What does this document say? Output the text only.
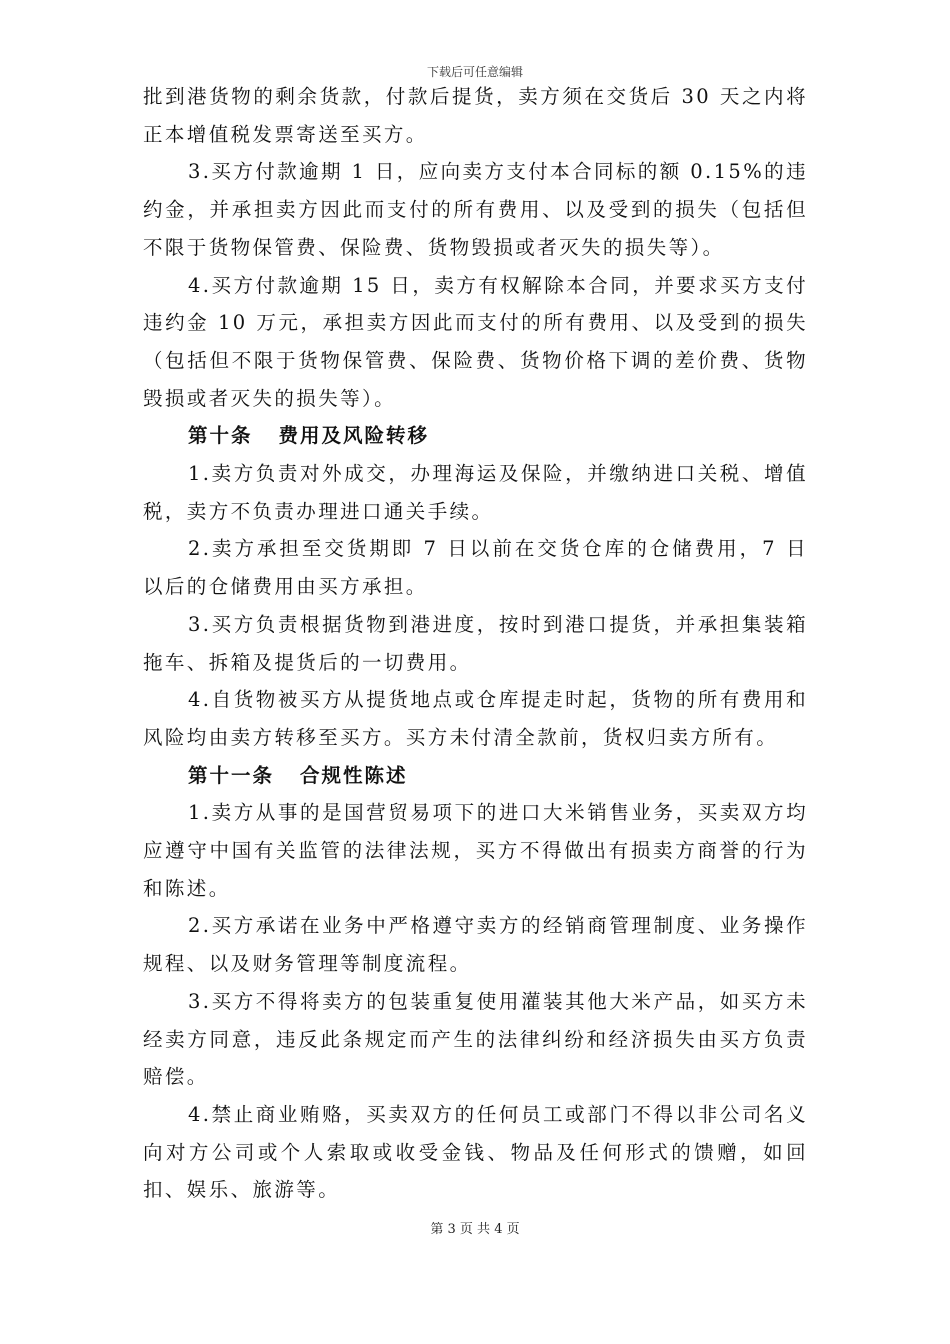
下载后可任意编辑

批到港货物的剩余货款，付款后提货，卖方须在交货后 30 天之内将正本增值税发票寄送至买方。

3.买方付款逾期 1 日，应向卖方支付本合同标的额 0.15%的违约金，并承担卖方因此而支付的所有费用、以及受到的损失（包括但不限于货物保管费、保险费、货物毁损或者灭失的损失等）。

4.买方付款逾期 15 日，卖方有权解除本合同，并要求买方支付违约金 10 万元，承担卖方因此而支付的所有费用、以及受到的损失（包括但不限于货物保管费、保险费、货物价格下调的差价费、货物毁损或者灭失的损失等）。

第十条 费用及风险转移

1.卖方负责对外成交，办理海运及保险，并缴纳进口关税、增值税，卖方不负责办理进口通关手续。

2.卖方承担至交货期即 7 日以前在交货仓库的仓储费用，7 日以后的仓储费用由买方承担。

3.买方负责根据货物到港进度，按时到港口提货，并承担集装箱拖车、拆箱及提货后的一切费用。

4.自货物被买方从提货地点或仓库提走时起，货物的所有费用和风险均由卖方转移至买方。买方未付清全款前，货权归卖方所有。

第十一条 合规性陈述

1.卖方从事的是国营贸易项下的进口大米销售业务，买卖双方均应遵守中国有关监管的法律法规，买方不得做出有损卖方商誉的行为和陈述。

2.买方承诺在业务中严格遵守卖方的经销商管理制度、业务操作规程、以及财务管理等制度流程。

3.买方不得将卖方的包装重复使用灌装其他大米产品，如买方未经卖方同意，违反此条规定而产生的法律纠纷和经济损失由买方负责赔偿。

4.禁止商业贿赂，买卖双方的任何员工或部门不得以非公司名义向对方公司或个人索取或收受金钱、物品及任何形式的馈赠，如回扣、娱乐、旅游等。

第 3 页 共 4 页
